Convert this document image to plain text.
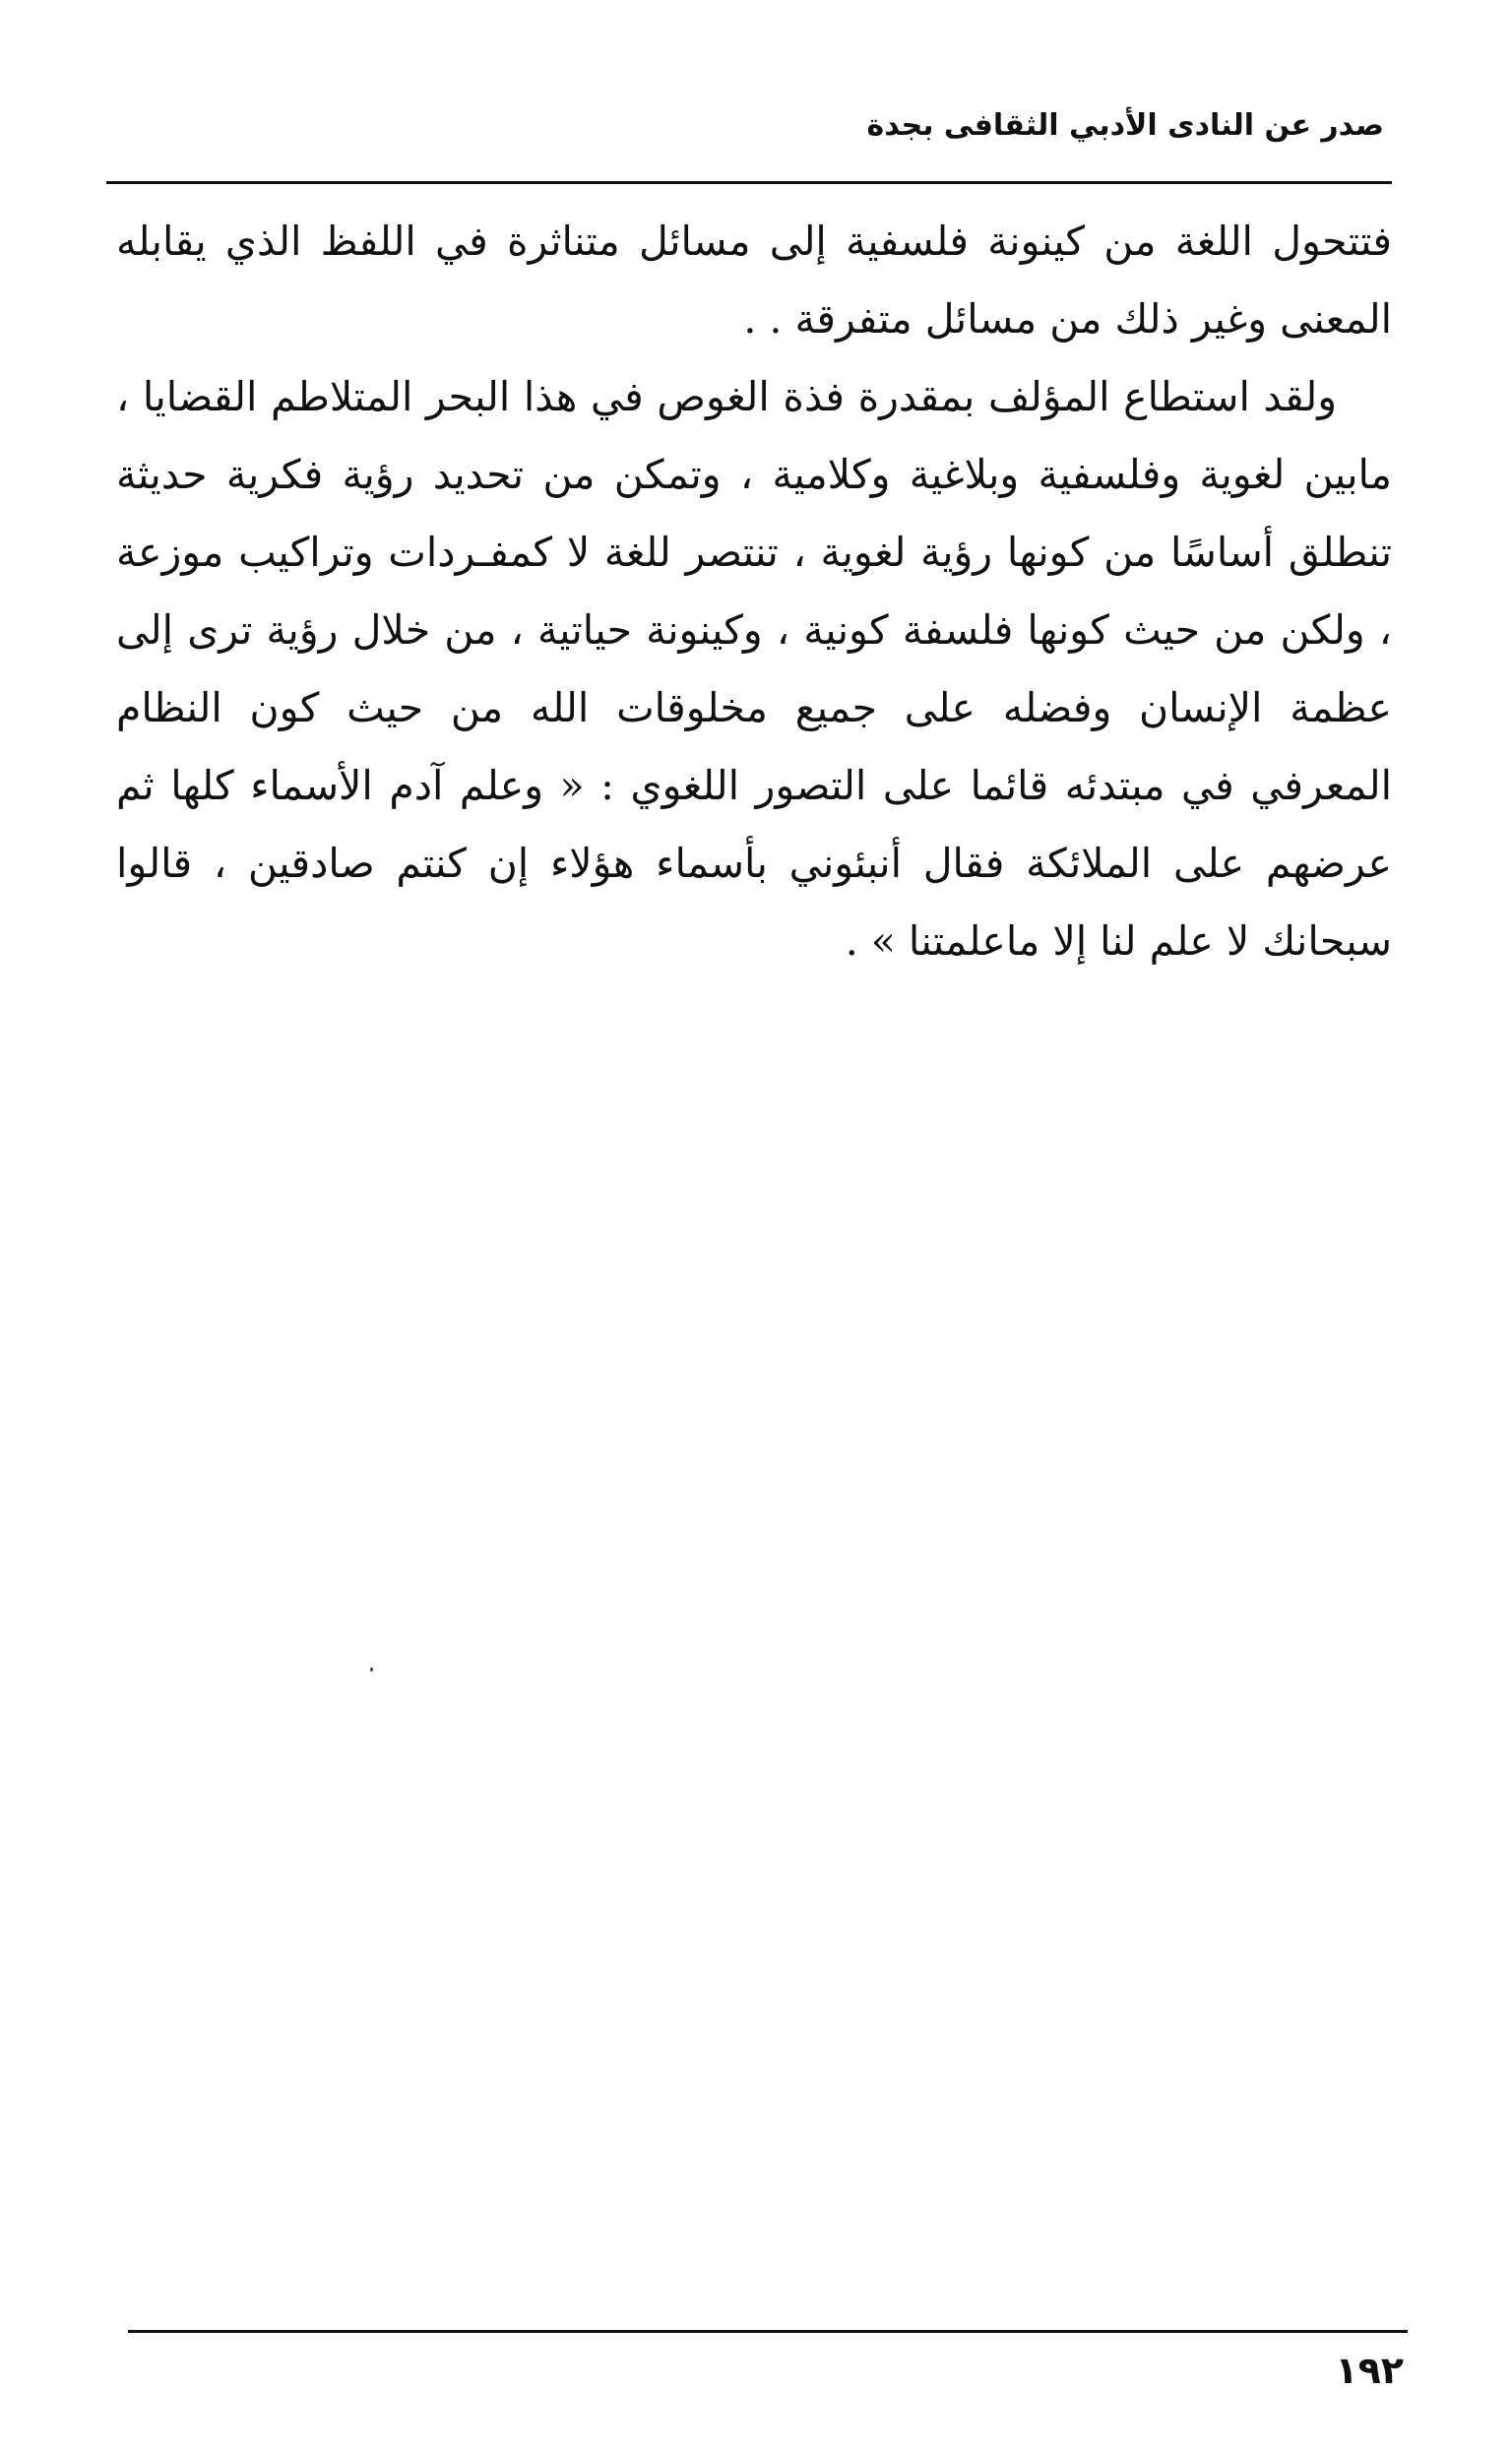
صدر عن النادى الأدبي الثقافى بجدة

فتتحول اللغة من كينونة فلسفية إلى مسائل متناثرة في اللفظ الذي يقابله المعنى وغير ذلك من مسائل متفرقة . .

ولقد استطاع المؤلف بمقدرة فذة الغوص في هذا البحر المتلاطم القضايا ، مابين لغوية وفلسفية وبلاغية وكلامية ، وتمكن من تحديد رؤية فكرية حديثة تنطلق أساسًا من كونها رؤية لغوية ، تنتصر للغة لا كمفـردات وتراكيب موزعة ، ولكن من حيث كونها فلسفة كونية ، وكينونة حياتية ، من خلال رؤية ترى إلى عظمة الإنسان وفضله على جميع مخلوقات الله من حيث كون النظام المعرفي في مبتدئه قائما على التصور اللغوي : « وعلم آدم الأسماء كلها ثم عرضهم على الملائكة فقال أنبئوني بأسماء هؤلاء إن كنتم صادقين ، قالوا سبحانك لا علم لنا إلا ماعلمتنا » .

١٩٢
